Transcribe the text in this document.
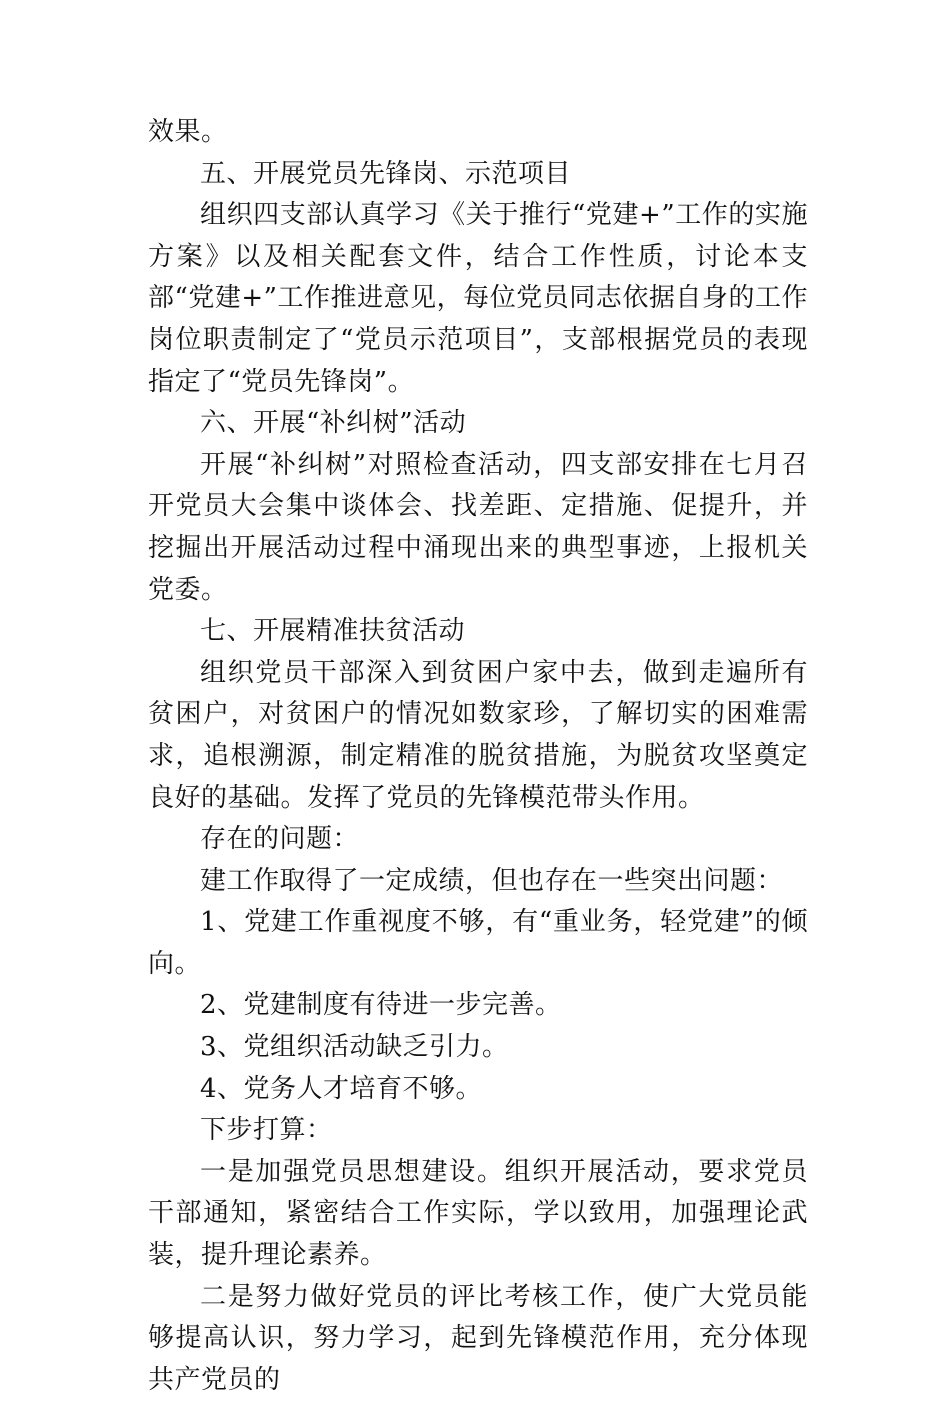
效果。

五、开展党员先锋岗、示范项目

组织四支部认真学习《关于推行“党建+”工作的实施方案》以及相关配套文件，结合工作性质，讨论本支部“党建+”工作推进意见，每位党员同志依据自身的工作岗位职责制定了“党员示范项目”，支部根据党员的表现指定了“党员先锋岗”。

六、开展“补纠树”活动

开展“补纠树”对照检查活动，四支部安排在七月召开党员大会集中谈体会、找差距、定措施、促提升，并挖掘出开展活动过程中涌现出来的典型事迹，上报机关党委。

七、开展精准扶贫活动

组织党员干部深入到贫困户家中去，做到走遍所有贫困户，对贫困户的情况如数家珍，了解切实的困难需求，追根溯源，制定精准的脱贫措施，为脱贫攻坚奠定良好的基础。发挥了党员的先锋模范带头作用。

存在的问题：

建工作取得了一定成绩，但也存在一些突出问题：

1、党建工作重视度不够，有“重业务，轻党建”的倾向。

2、党建制度有待进一步完善。

3、党组织活动缺乏引力。

4、党务人才培育不够。

下步打算：

一是加强党员思想建设。组织开展活动，要求党员干部通知，紧密结合工作实际，学以致用，加强理论武装，提升理论素养。

二是努力做好党员的评比考核工作，使广大党员能够提高认识，努力学习，起到先锋模范作用，充分体现共产党员的
